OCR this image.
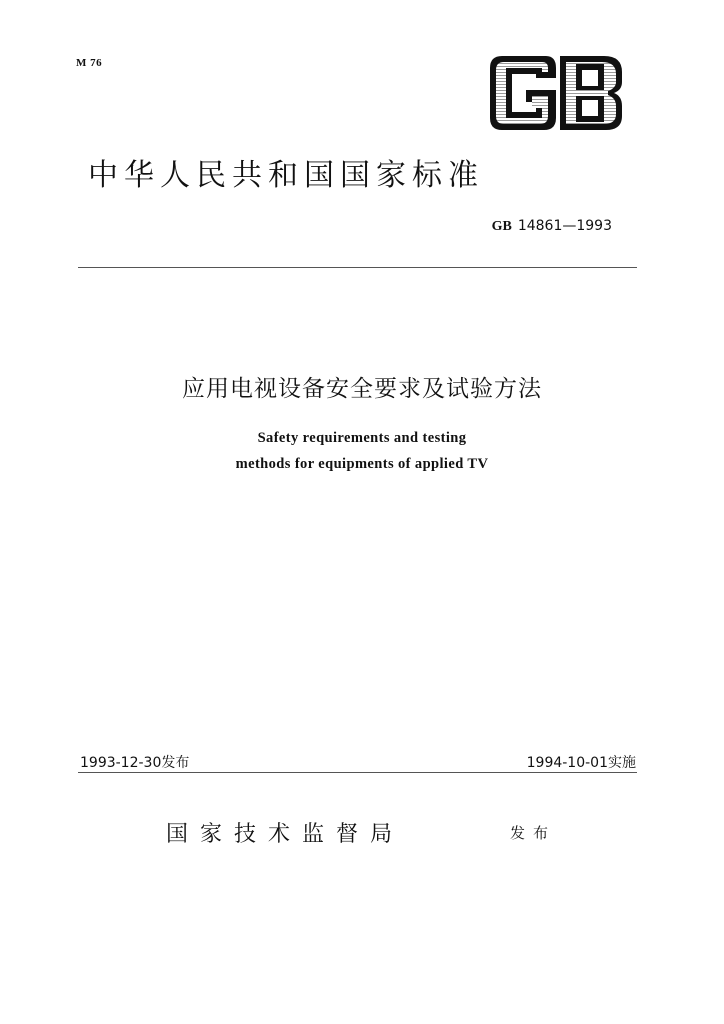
M 76
中华人民共和国国家标准
GB 14861—1993
应用电视设备安全要求及试验方法
Safety requirements and testing
methods for equipments of applied TV
1993-12-30发布	1994-10-01实施
国家技术监督局	发布
